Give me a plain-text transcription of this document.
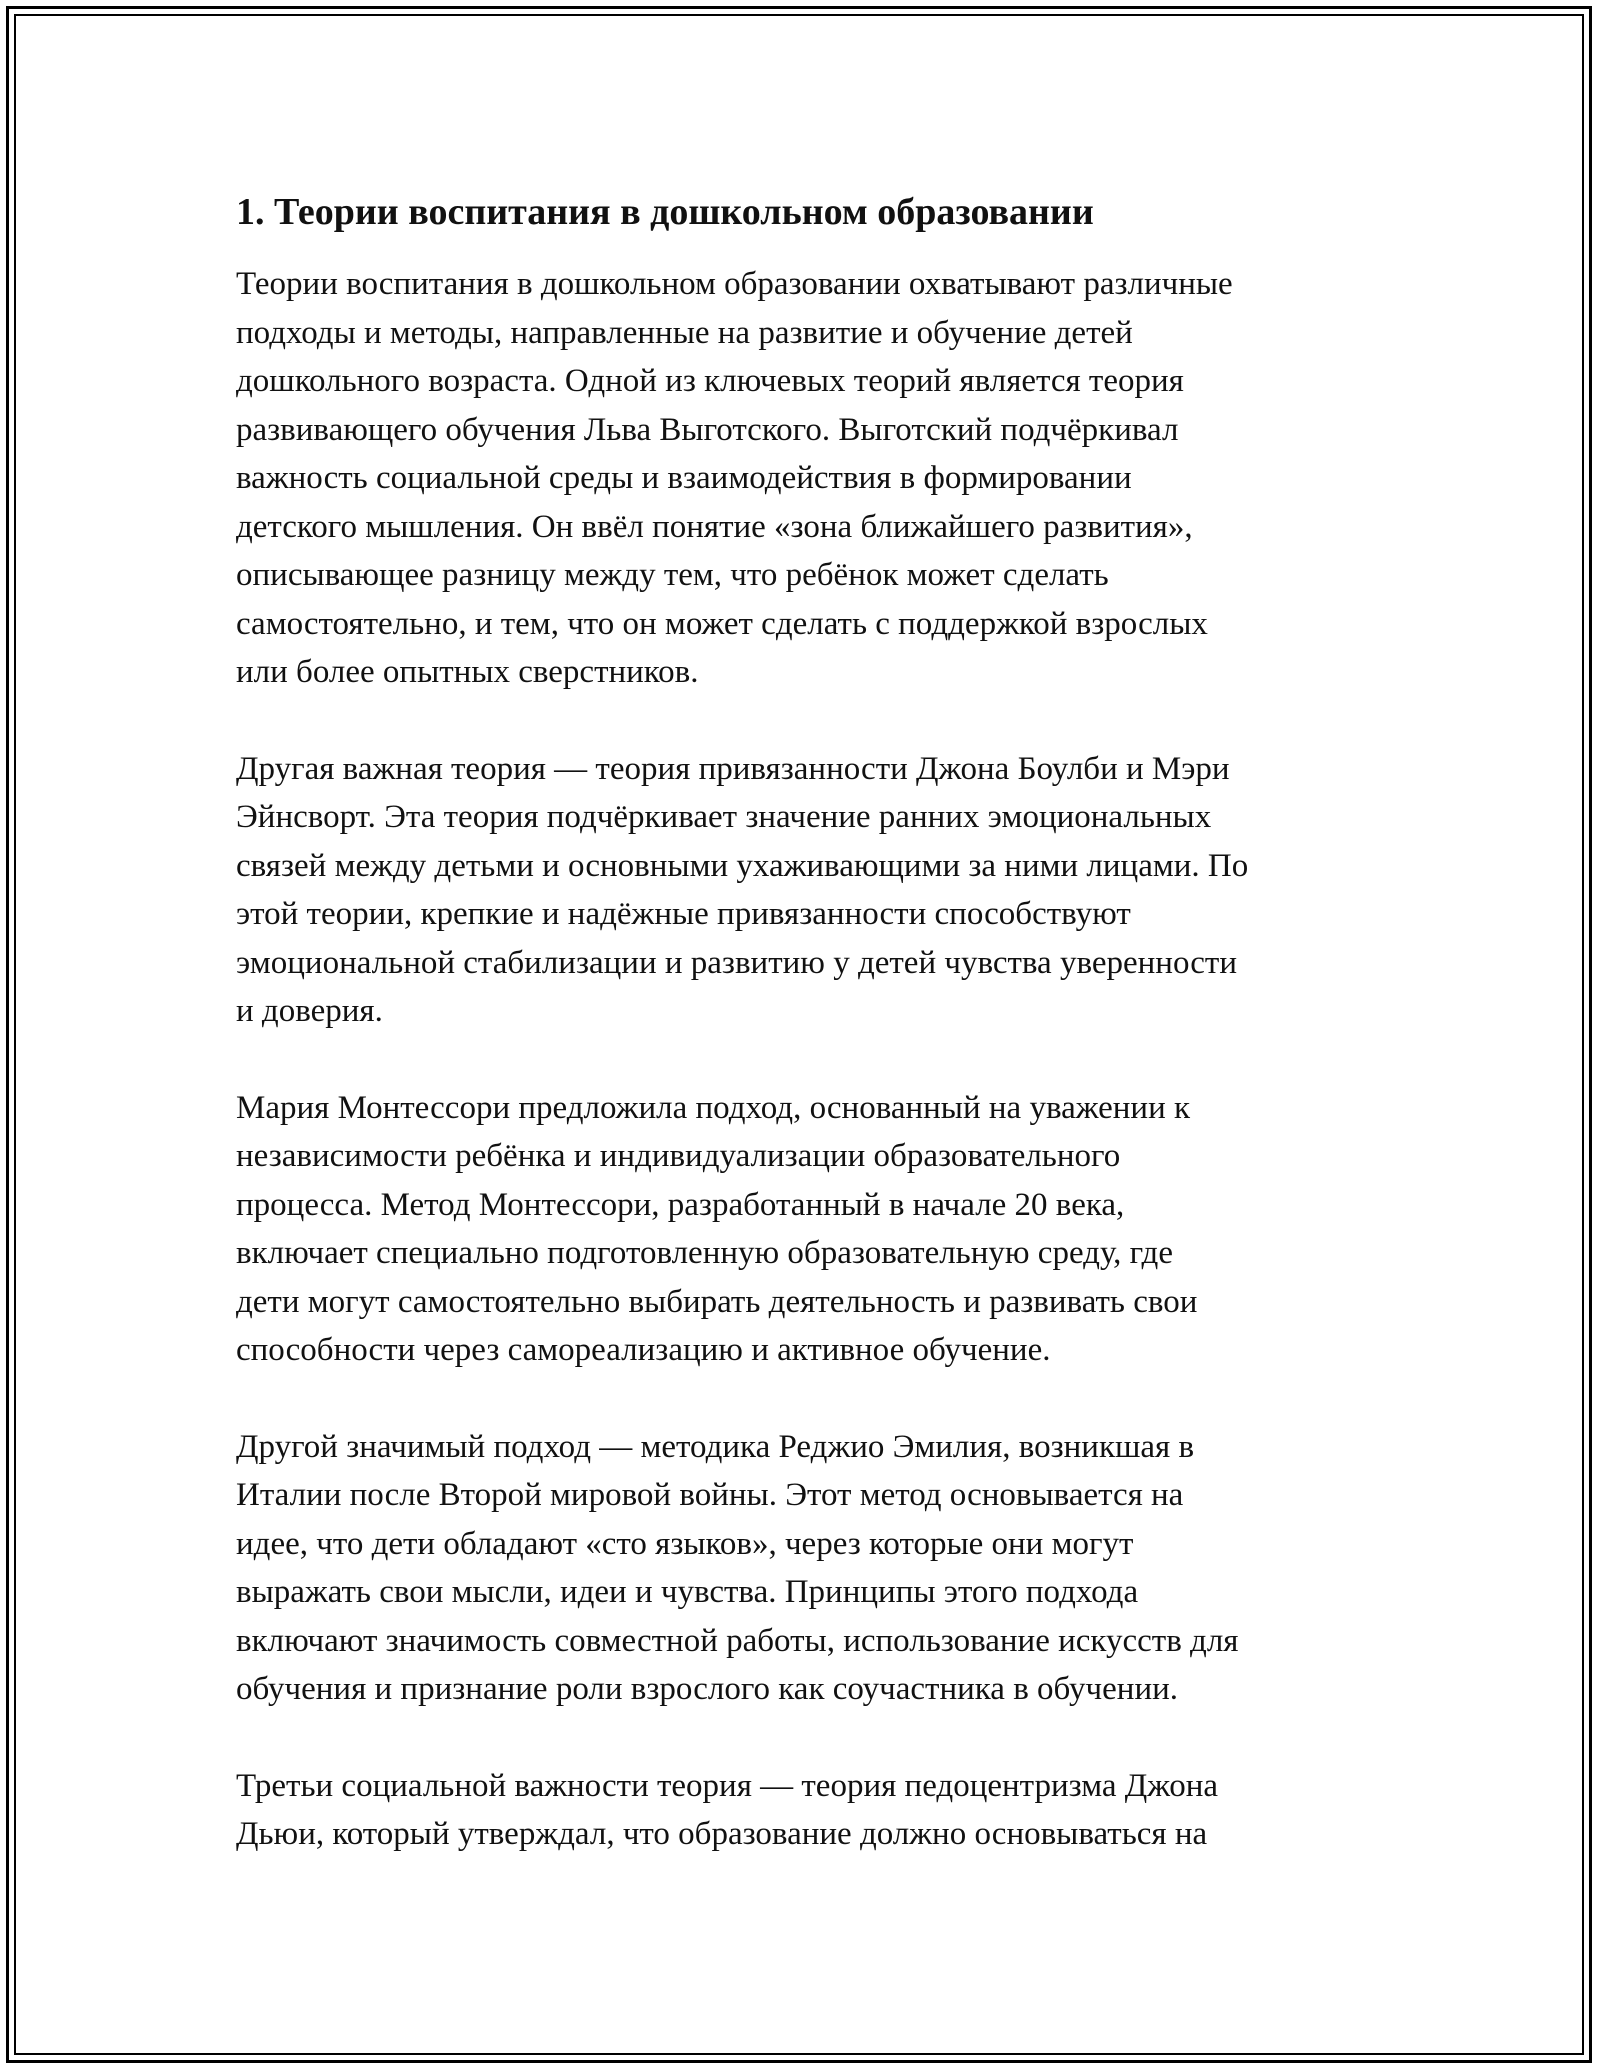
1. Теории воспитания в дошкольном образовании
Теории воспитания в дошкольном образовании охватывают различные
подходы и методы, направленные на развитие и обучение детей
дошкольного возраста. Одной из ключевых теорий является теория
развивающего обучения Льва Выготского. Выготский подчёркивал
важность социальной среды и взаимодействия в формировании
детского мышления. Он ввёл понятие «зона ближайшего развития»,
описывающее разницу между тем, что ребёнок может сделать
самостоятельно, и тем, что он может сделать с поддержкой взрослых
или более опытных сверстников.
Другая важная теория — теория привязанности Джона Боулби и Мэри
Эйнсворт. Эта теория подчёркивает значение ранних эмоциональных
связей между детьми и основными ухаживающими за ними лицами. По
этой теории, крепкие и надёжные привязанности способствуют
эмоциональной стабилизации и развитию у детей чувства уверенности
и доверия.
Мария Монтессори предложила подход, основанный на уважении к
независимости ребёнка и индивидуализации образовательного
процесса. Метод Монтессори, разработанный в начале 20 века,
включает специально подготовленную образовательную среду, где
дети могут самостоятельно выбирать деятельность и развивать свои
способности через самореализацию и активное обучение.
Другой значимый подход — методика Реджио Эмилия, возникшая в
Италии после Второй мировой войны. Этот метод основывается на
идее, что дети обладают «сто языков», через которые они могут
выражать свои мысли, идеи и чувства. Принципы этого подхода
включают значимость совместной работы, использование искусств для
обучения и признание роли взрослого как соучастника в обучении.
Третьи социальной важности теория — теория педоцентризма Джона
Дьюи, который утверждал, что образование должно основываться на
